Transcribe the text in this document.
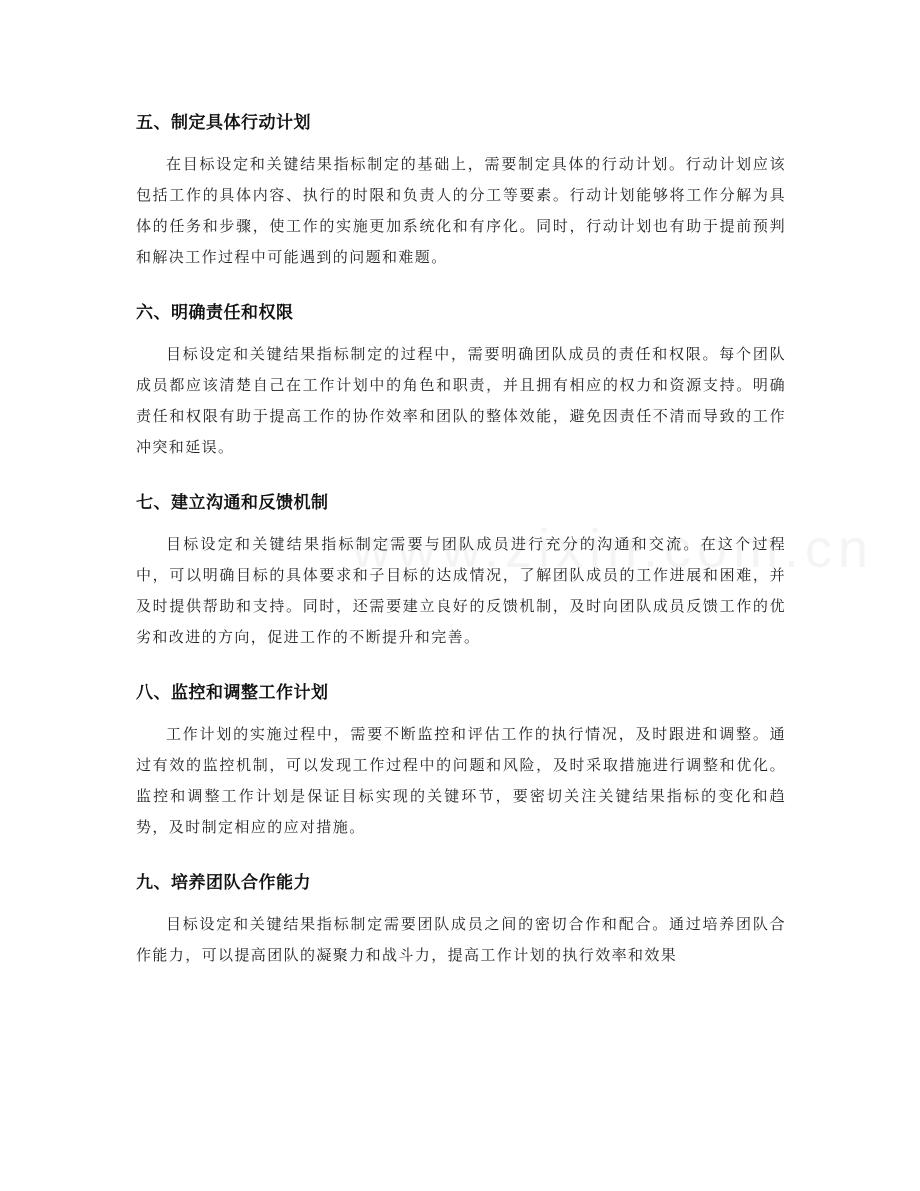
五、制定具体行动计划

在目标设定和关键结果指标制定的基础上，需要制定具体的行动计划。行动计划应该包括工作的具体内容、执行的时限和负责人的分工等要素。行动计划能够将工作分解为具体的任务和步骤，使工作的实施更加系统化和有序化。同时，行动计划也有助于提前预判和解决工作过程中可能遇到的问题和难题。

六、明确责任和权限

目标设定和关键结果指标制定的过程中，需要明确团队成员的责任和权限。每个团队成员都应该清楚自己在工作计划中的角色和职责，并且拥有相应的权力和资源支持。明确责任和权限有助于提高工作的协作效率和团队的整体效能，避免因责任不清而导致的工作冲突和延误。

七、建立沟通和反馈机制

目标设定和关键结果指标制定需要与团队成员进行充分的沟通和交流。在这个过程中，可以明确目标的具体要求和子目标的达成情况，了解团队成员的工作进展和困难，并及时提供帮助和支持。同时，还需要建立良好的反馈机制，及时向团队成员反馈工作的优劣和改进的方向，促进工作的不断提升和完善。

八、监控和调整工作计划

工作计划的实施过程中，需要不断监控和评估工作的执行情况，及时跟进和调整。通过有效的监控机制，可以发现工作过程中的问题和风险，及时采取措施进行调整和优化。监控和调整工作计划是保证目标实现的关键环节，要密切关注关键结果指标的变化和趋势，及时制定相应的应对措施。

九、培养团队合作能力

目标设定和关键结果指标制定需要团队成员之间的密切合作和配合。通过培养团队合作能力，可以提高团队的凝聚力和战斗力，提高工作计划的执行效率和效果
